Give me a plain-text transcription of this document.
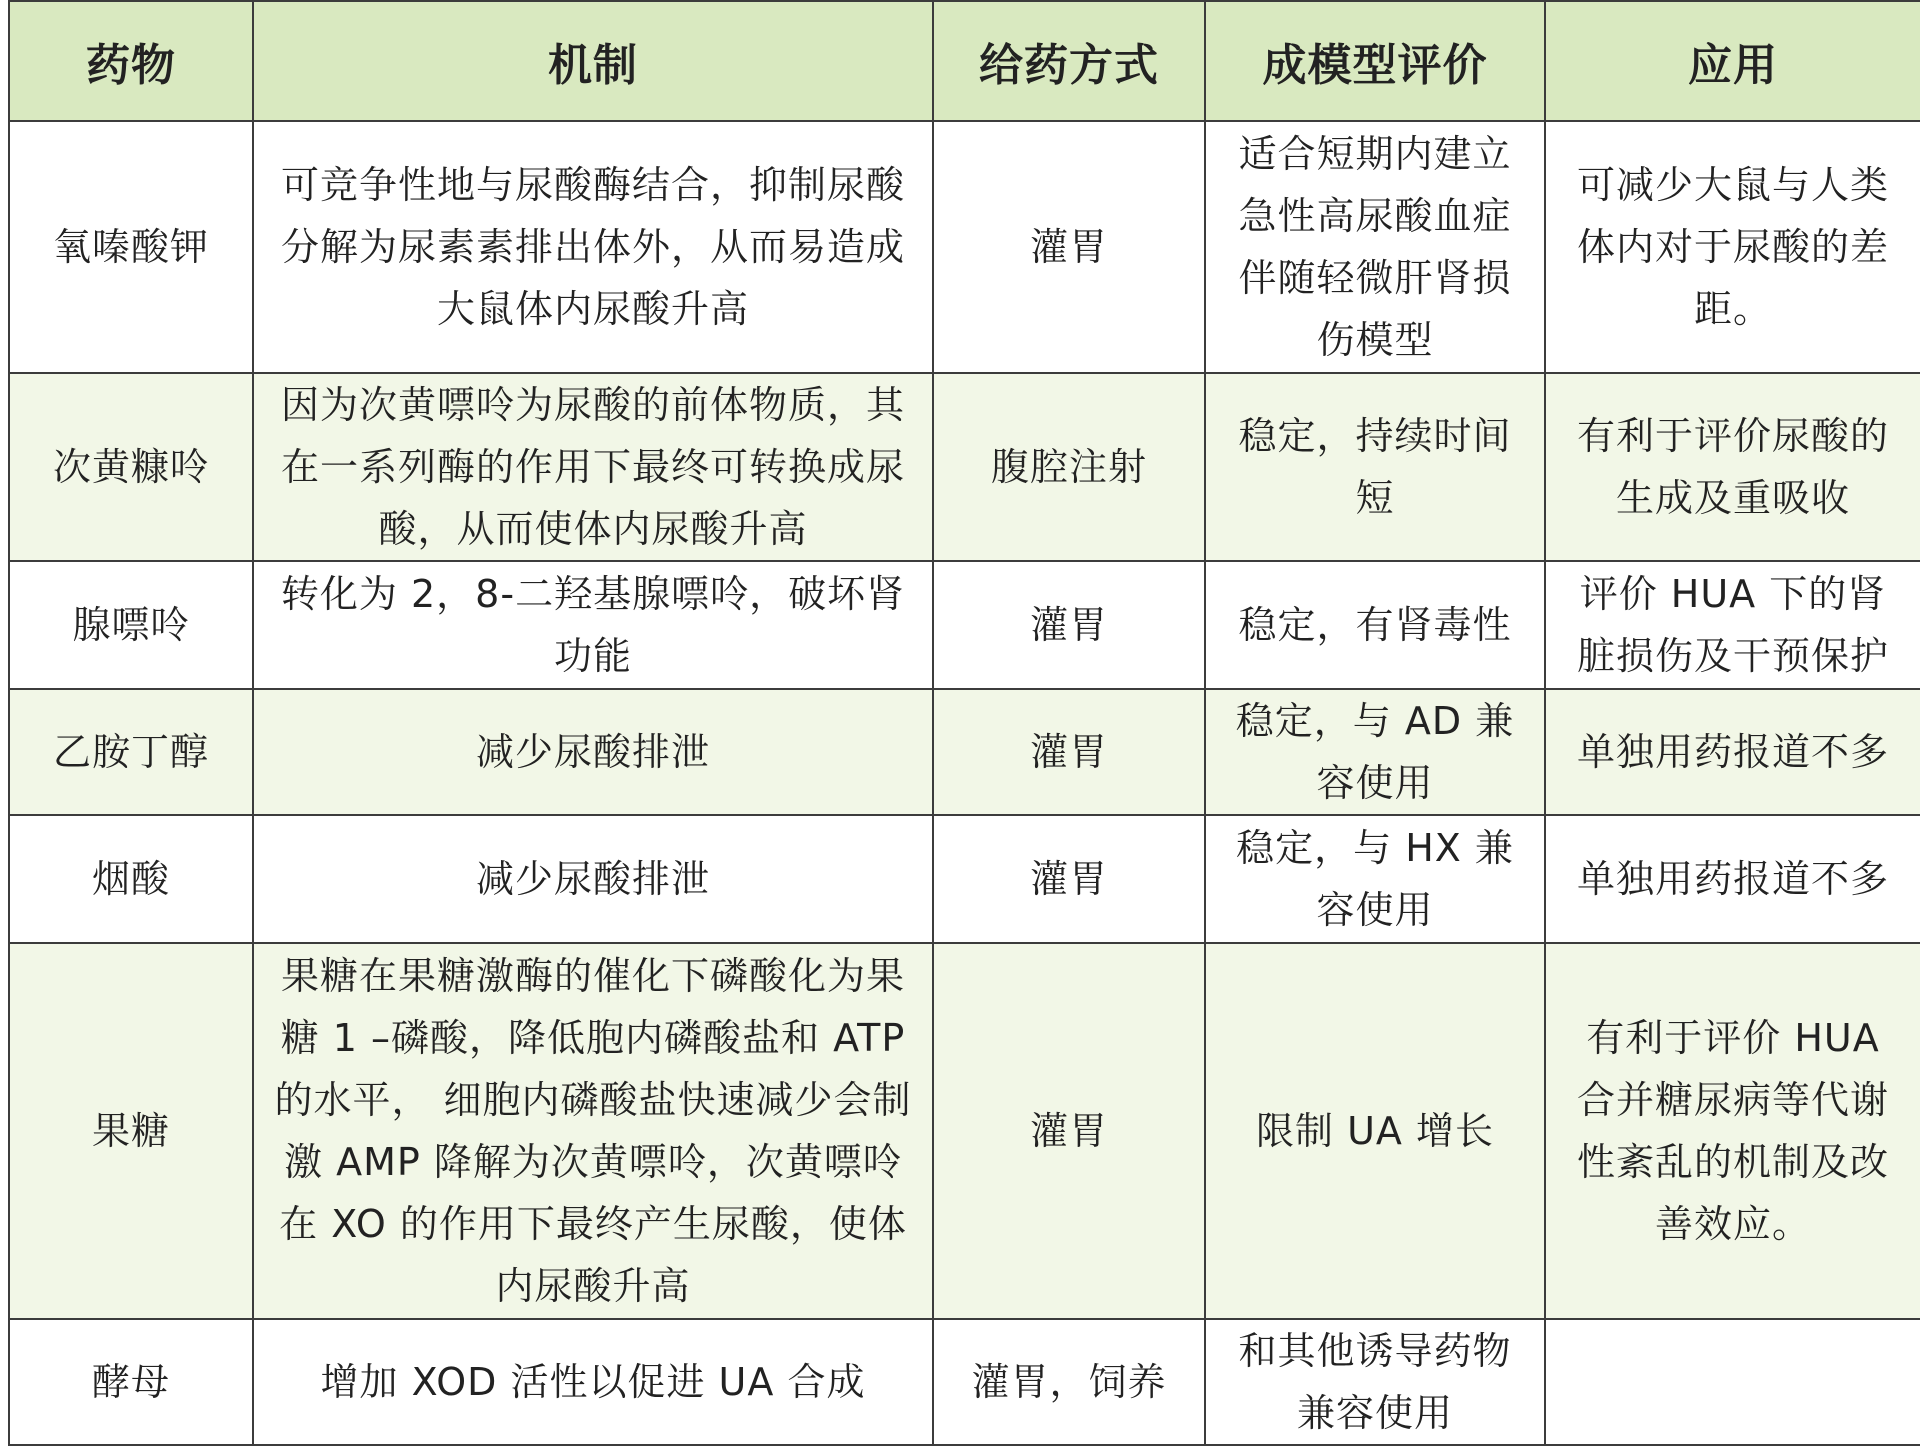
药物	机制	给药方式	成模型评价	应用
氧嗪酸钾	可竞争性地与尿酸酶结合，抑制尿酸分解为尿素素排出体外，从而易造成大鼠体内尿酸升高	灌胃	适合短期内建立急性高尿酸血症伴随轻微肝肾损伤模型	可减少大鼠与人类体内对于尿酸的差距。
次黄糠呤	因为次黄嘌呤为尿酸的前体物质，其在一系列酶的作用下最终可转换成尿酸，从而使体内尿酸升高	腹腔注射	稳定，持续时间短	有利于评价尿酸的生成及重吸收
腺嘌呤	转化为 2，8-二羟基腺嘌呤，破坏肾功能	灌胃	稳定，有肾毒性	评价 HUA 下的肾脏损伤及干预保护
乙胺丁醇	减少尿酸排泄	灌胃	稳定，与 AD 兼容使用	单独用药报道不多
烟酸	减少尿酸排泄	灌胃	稳定，与 HX 兼容使用	单独用药报道不多
果糖	果糖在果糖激酶的催化下磷酸化为果糖 1 –磷酸，降低胞内磷酸盐和 ATP 的水平， 细胞内磷酸盐快速减少会制激 AMP 降解为次黄嘌呤，次黄嘌呤在 XO 的作用下最终产生尿酸，使体内尿酸升高	灌胃	限制 UA 增长	有利于评价 HUA 合并糖尿病等代谢性紊乱的机制及改善效应。
酵母	增加 XOD 活性以促进 UA 合成	灌胃，饲养	和其他诱导药物兼容使用	
